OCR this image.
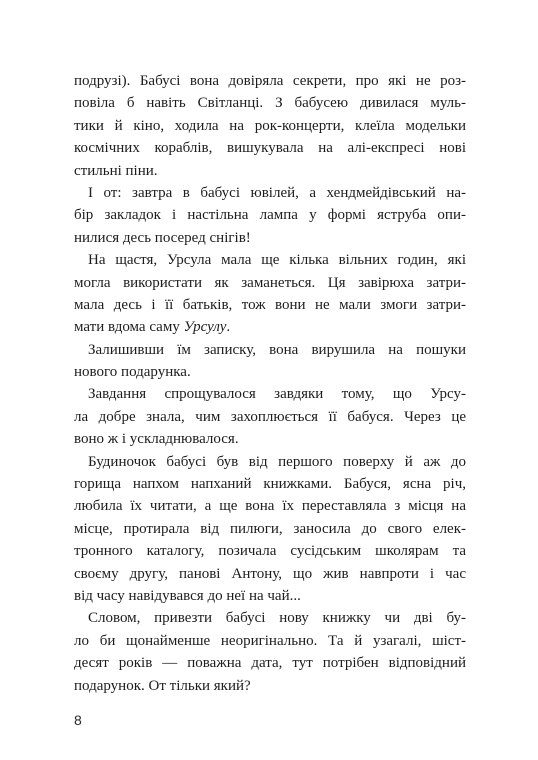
подрузі). Бабусі вона довіряла секрети, про які не роз-
повіла б навіть Світланці. З бабусею дивилася муль-
тики й кіно, ходила на рок-концерти, клеїла модельки
космічних кораблів, вишукувала на алі-експресі нові
стильні піни.
І от: завтра в бабусі ювілей, а хендмейдівський на-
бір закладок і настільна лампа у формі яструба опи-
нилися десь посеред снігів!
На щастя, Урсула мала ще кілька вільних годин, які
могла використати як заманеться. Ця завірюха затри-
мала десь і її батьків, тож вони не мали змоги затри-
мати вдома саму Урсулу.
Залишивши їм записку, вона вирушила на пошуки
нового подарунка.
Завдання спрощувалося завдяки тому, що Урсу-
ла добре знала, чим захоплюється її бабуся. Через це
воно ж і ускладнювалося.
Будиночок бабусі був від першого поверху й аж до
горища напхом напханий книжками. Бабуся, ясна річ,
любила їх читати, а ще вона їх переставляла з місця на
місце, протирала від пилюги, заносила до свого елек-
тронного каталогу, позичала сусідським школярам та
своєму другу, панові Антону, що жив навпроти і час
від часу навідувався до неї на чай...
Словом, привезти бабусі нову книжку чи дві бу-
ло би щонайменше неоригінально. Та й узагалі, шіст-
десят років — поважна дата, тут потрібен відповідний
подарунок. От тільки який?
8
